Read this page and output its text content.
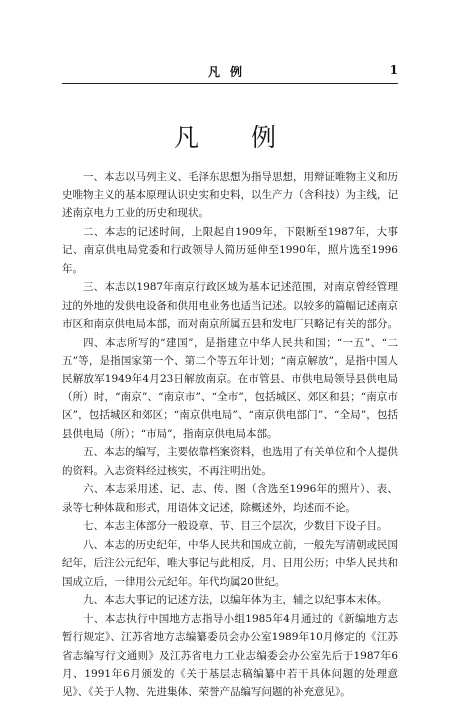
凡例	1
凡 例

一、本志以马列主义、毛泽东思想为指导思想，用辩证唯物主义和历史唯物主义的基本原理认识史实和史料，以生产力（含科技）为主线，记述南京电力工业的历史和现状。

二、本志的记述时间，上限起自1909年，下限断至1987年，大事记、南京供电局党委和行政领导人简历延伸至1990年，照片选至1996年。

三、本志以1987年南京行政区域为基本记述范围，对南京曾经管理过的外地的发供电设备和供用电业务也适当记述。以较多的篇幅记述南京市区和南京供电局本部，而对南京所属五县和发电厂只略记有关的部分。

四、本志所写的“建国”，是指建立中华人民共和国；“一五”、“二五”等，是指国家第一个、第二个等五年计划；“南京解放”，是指中国人民解放军1949年4月23日解放南京。在市管县、市供电局领导县供电局（所）时，“南京”、“南京市”、“全市”，包括城区、郊区和县；“南京市区”，包括城区和郊区；“南京供电局”、“南京供电部门”、“全局”，包括县供电局（所）；“市局”，指南京供电局本部。

五、本志的编写，主要依靠档案资料，也选用了有关单位和个人提供的资料。入志资料经过核实，不再注明出处。

六、本志采用述、记、志、传、图（含选至1996年的照片）、表、录等七种体裁和形式，用语体文记述，除概述外，均述而不论。

七、本志主体部分一般设章、节、目三个层次，少数目下设子目。

八、本志的历史纪年，中华人民共和国成立前，一般先写清朝或民国纪年，后注公元纪年，唯大事记与此相反，月、日用公历；中华人民共和国成立后，一律用公元纪年。年代均属20世纪。

九、本志大事记的记述方法，以编年体为主，辅之以纪事本末体。

十、本志执行中国地方志指导小组1985年4月通过的《新编地方志暂行规定》、江苏省地方志编纂委员会办公室1989年10月修定的《江苏省志编写行文通则》及江苏省电力工业志编委会办公室先后于1987年6月、1991年6月颁发的《关于基层志稿编纂中若干具体问题的处理意见》、《关于人物、先进集体、荣誉产品编写问题的补充意见》。
